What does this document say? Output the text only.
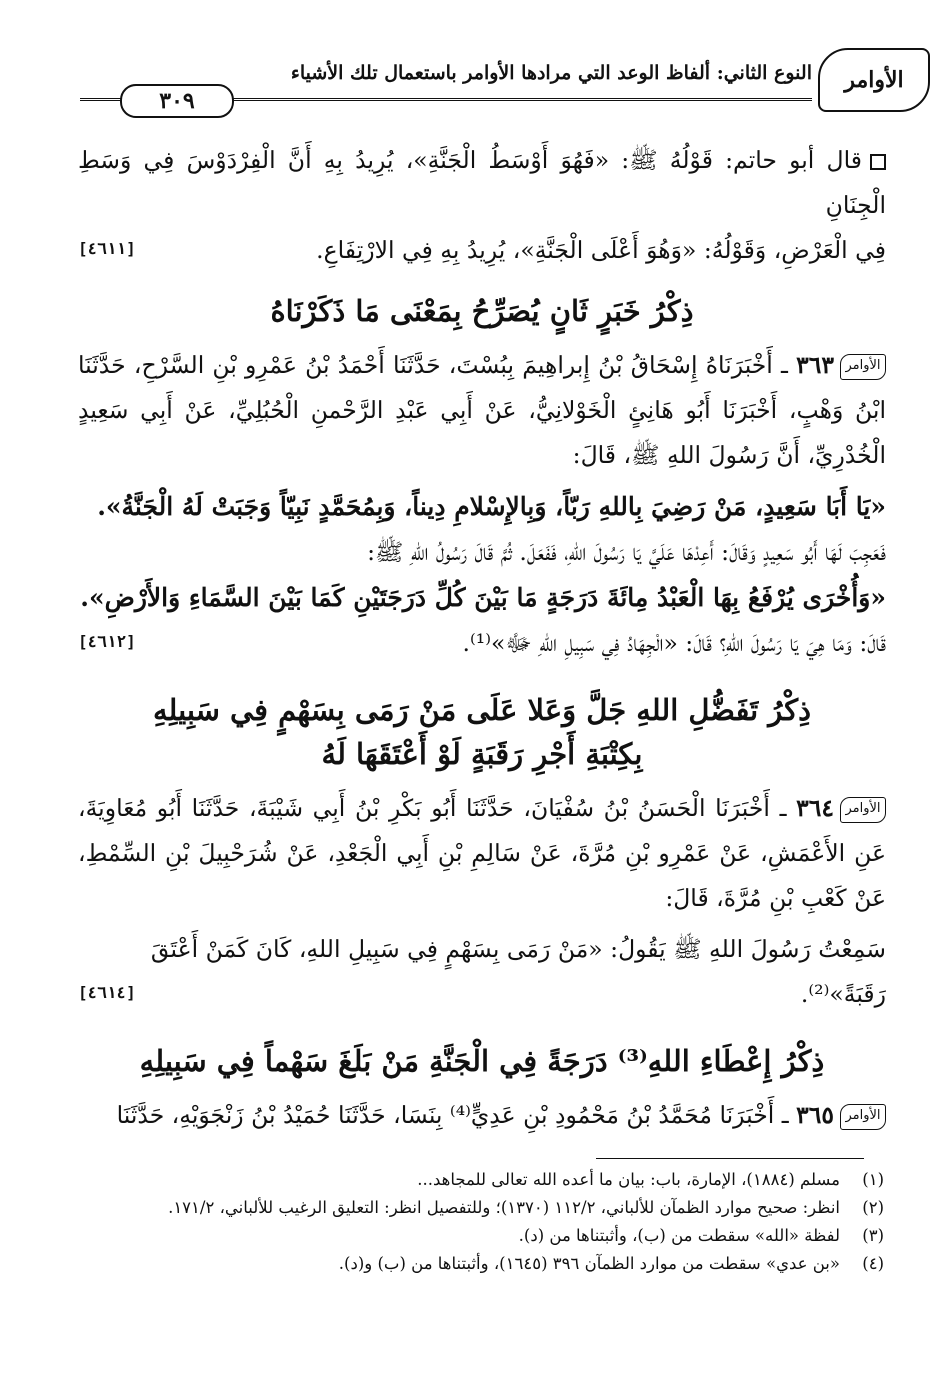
الأوامر
النوع الثاني: ألفاظ الوعد التي مرادها الأوامر باستعمال تلك الأشياء
٣٠٩
قال أبو حاتم: قَوْلُهُ ﷺ: «فَهُوَ أَوْسَطُ الْجَنَّةِ»، يُرِيدُ بِهِ أَنَّ الْفِرْدَوْسَ فِي وَسَطِ الْجِنَانِ
فِي الْعَرْضِ، وَقَوْلُهُ: «وَهُوَ أَعْلَى الْجَنَّةِ»، يُرِيدُ بِهِ فِي الارْتِفَاعِ.
[٤٦١١]
ذِكْرُ خَبَرٍ ثَانٍ يُصَرِّحُ بِمَعْنَى مَا ذَكَرْنَاهُ
الأوامر٣٦٣ ـ أَخْبَرَنَاهُ إِسْحَاقُ بْنُ إِبراهِيمَ بِبُسْتَ، حَدَّثَنَا أَحْمَدُ بْنُ عَمْرِو بْنِ السَّرْحِ، حَدَّثَنَا ابْنُ وَهْبٍ، أَخْبَرَنَا أَبُو هَانِئٍ الْخَوْلانِيُّ، عَنْ أَبِي عَبْدِ الرَّحْمنِ الْحُبُلِيِّ، عَنْ أَبِي سَعِيدٍ الْخُدْرِيِّ، أَنَّ رَسُولَ اللهِ ﷺ، قَالَ:

«يَا أَبَا سَعِيدٍ، مَنْ رَضِيَ بِاللهِ رَبّاً، وَبِالإِسْلامِ دِيناً، وَبِمُحَمَّدٍ نَبِيّاً وَجَبَتْ لَهُ الْجَنَّةُ».

فَعَجِبَ لَهَا أَبُو سَعِيدٍ وَقَالَ: أَعِدْهَا عَلَيَّ يَا رَسُولَ اللهِ، فَفَعَلَ. ثُمَّ قَالَ رَسُولُ اللهِ ﷺ:

«وَأُخْرَى يُرْفَعُ بِهَا الْعَبْدُ مِائَةَ دَرَجَةٍ مَا بَيْنَ كُلِّ دَرَجَتَيْنِ كَمَا بَيْنَ السَّمَاءِ وَالأَرْضِ».

قَالَ: وَمَا هِيَ يَا رَسُولَ اللهِ؟ قَالَ: «الْجِهَادُ فِي سَبِيلِ اللهِ ﷻ»⁽¹⁾.
[٤٦١٢]
ذِكْرُ تَفَضُّلِ اللهِ جَلَّ وَعَلا عَلَى مَنْ رَمَى بِسَهْمٍ فِي سَبِيلِهِ
بِكِتْبَةِ أَجْرِ رَقَبَةٍ لَوْ أَعْتَقَهَا لَهُ
الأوامر٣٦٤ ـ أَخْبَرَنَا الْحَسَنُ بْنُ سُفْيَانَ، حَدَّثَنَا أَبُو بَكْرِ بْنُ أَبِي شَيْبَةَ، حَدَّثَنَا أَبُو مُعَاوِيَةَ، عَنِ الأَعْمَشِ، عَنْ عَمْرِو بْنِ مُرَّةَ، عَنْ سَالِمِ بْنِ أَبِي الْجَعْدِ، عَنْ شُرَحْبِيلَ بْنِ السِّمْطِ، عَنْ كَعْبِ بْنِ مُرَّةَ، قَالَ:
سَمِعْتُ رَسُولَ اللهِ ﷺ يَقُولُ: «مَنْ رَمَى بِسَهْمٍ فِي سَبِيلِ اللهِ، كَانَ كَمَنْ أَعْتَقَ
رَقَبَةً»⁽²⁾.
[٤٦١٤]
ذِكْرُ إِعْطَاءِ اللهِ⁽³⁾ دَرَجَةً فِي الْجَنَّةِ مَنْ بَلَغَ سَهْماً فِي سَبِيلِهِ
الأوامر٣٦٥ ـ أَخْبَرَنَا مُحَمَّدُ بْنُ مَحْمُودِ بْنِ عَدِيٍّ⁽⁴⁾ بِنَسَا، حَدَّثَنَا حُمَيْدُ بْنُ زَنْجَوَيْهِ، حَدَّثَنَا
(١)
مسلم (١٨٨٤)، الإمارة، باب: بيان ما أعده الله تعالى للمجاهد...
(٢)
انظر: صحيح موارد الظمآن للألباني، ١١٢/٢ (١٣٧٠)؛ وللتفصيل انظر: التعليق الرغيب للألباني، ١٧١/٢.
(٣)
لفظة «الله» سقطت من (ب)، وأثبتناها من (د).
(٤)
«بن عدي» سقطت من موارد الظمآن ٣٩٦ (١٦٤٥)، وأثبتناها من (ب) و(د).
